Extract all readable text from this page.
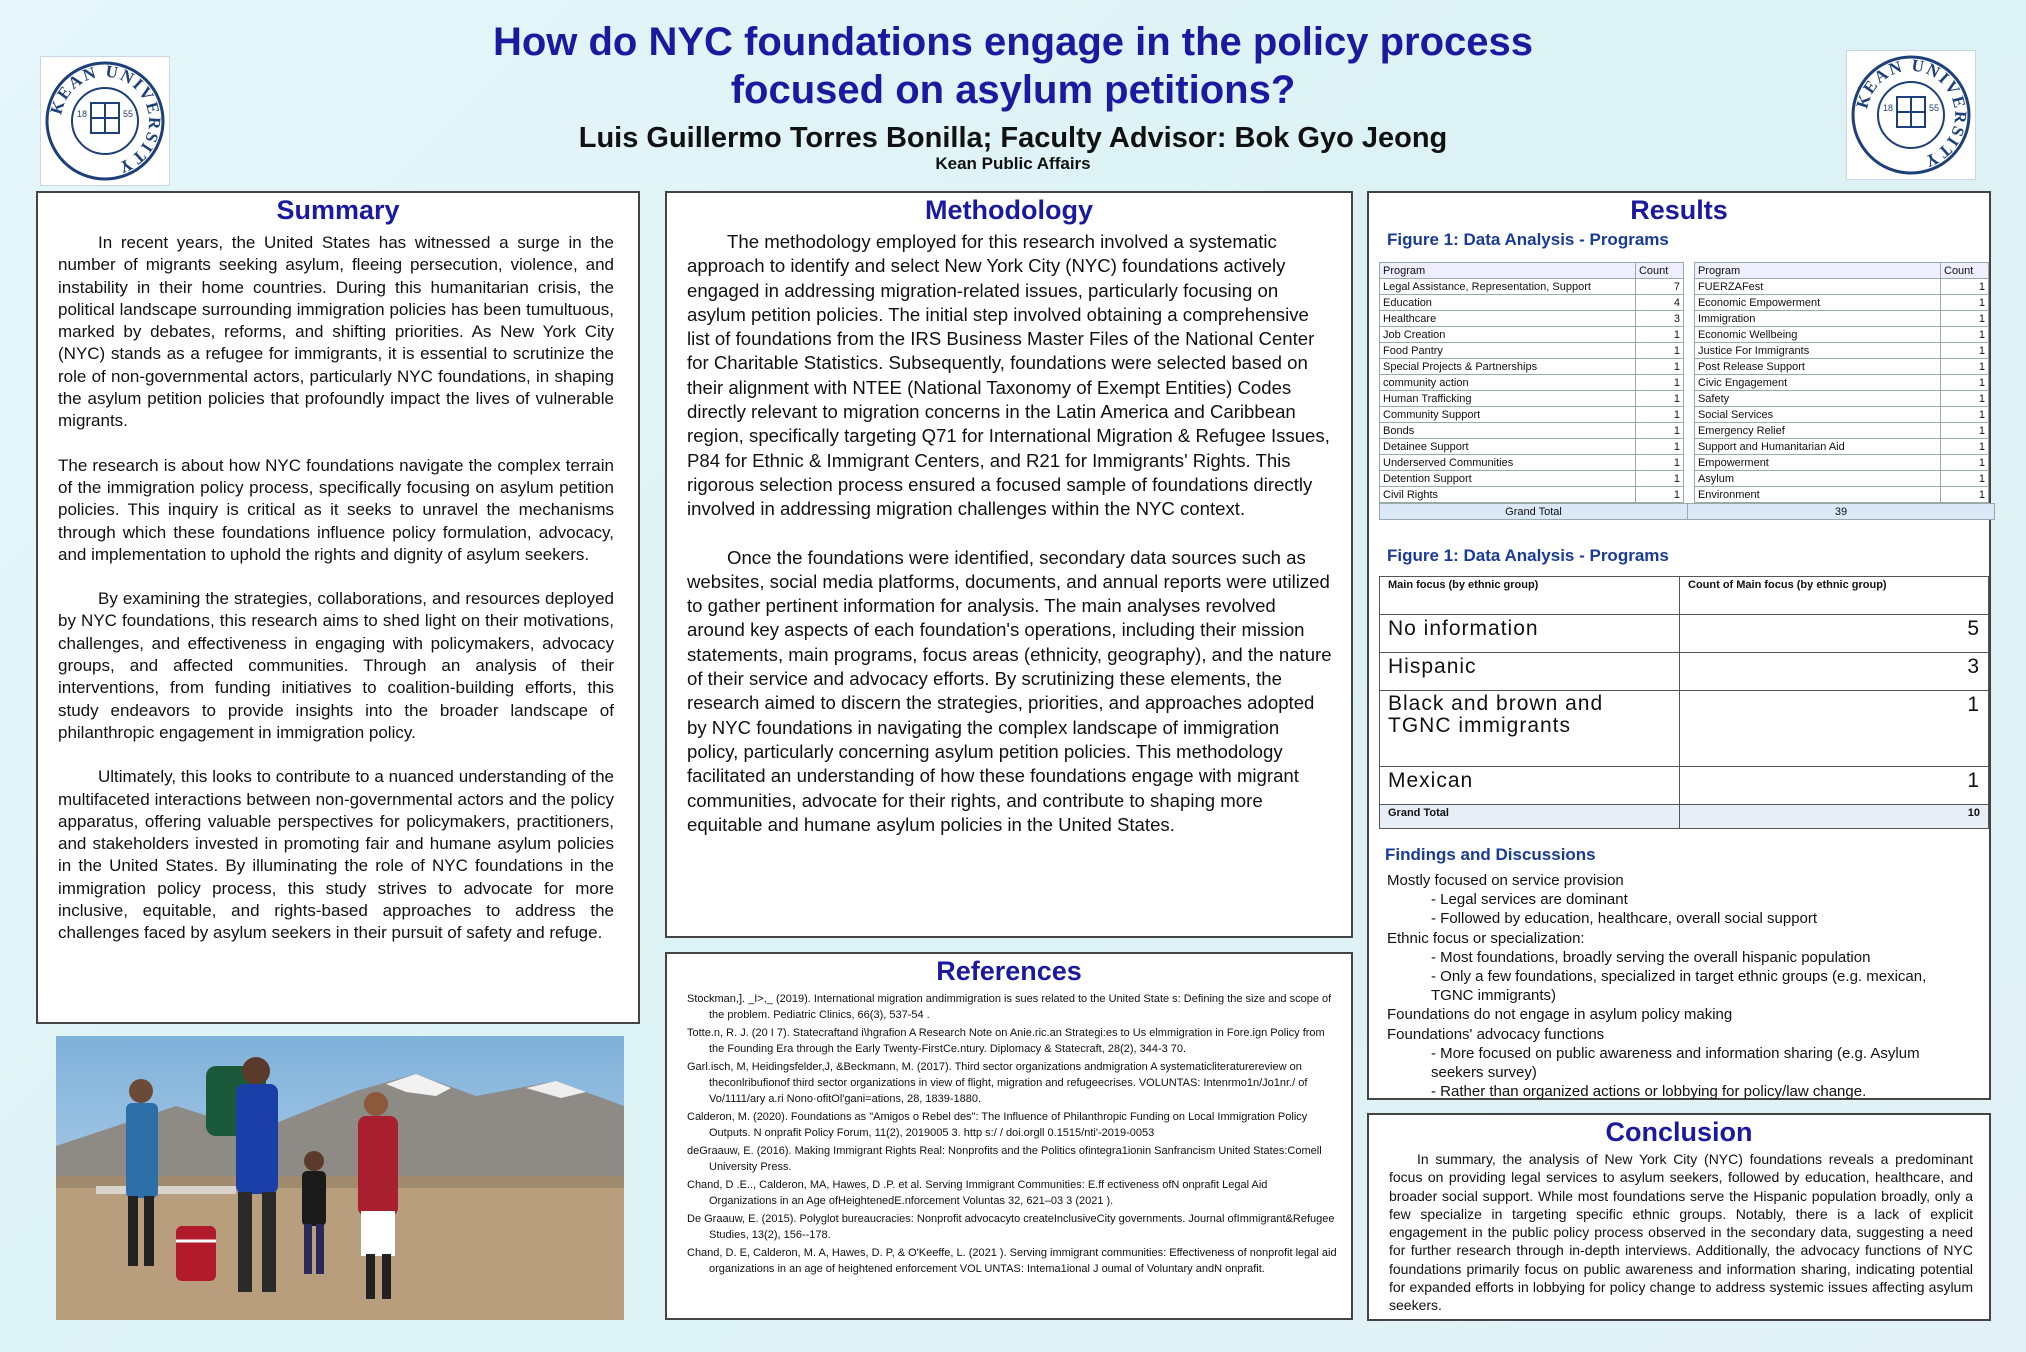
How do NYC foundations engage in the policy process
focused on asylum petitions?
Luis Guillermo Torres Bonilla; Faculty Advisor: Bok Gyo Jeong
Kean Public Affairs
KEAN UNIVERSITY
18	55
KEAN UNIVERSITY
18	55
Summary

In recent years, the United States has witnessed a surge in the number of migrants seeking asylum, fleeing persecution, violence, and instability in their home countries. During this humanitarian crisis, the political landscape surrounding immigration policies has been tumultuous, marked by debates, reforms, and shifting priorities. As New York City (NYC) stands as a refugee for immigrants, it is essential to scrutinize the role of non-governmental actors, particularly NYC foundations, in shaping the asylum petition policies that profoundly impact the lives of vulnerable migrants.

The research is about how NYC foundations navigate the complex terrain of the immigration policy process, specifically focusing on asylum petition policies. This inquiry is critical as it seeks to unravel the mechanisms through which these foundations influence policy formulation, advocacy, and implementation to uphold the rights and dignity of asylum seekers.

By examining the strategies, collaborations, and resources deployed by NYC foundations, this research aims to shed light on their motivations, challenges, and effectiveness in engaging with policymakers, advocacy groups, and affected communities. Through an analysis of their interventions, from funding initiatives to coalition-building efforts, this study endeavors to provide insights into the broader landscape of philanthropic engagement in immigration policy.

Ultimately, this looks to contribute to a nuanced understanding of the multifaceted interactions between non-governmental actors and the policy apparatus, offering valuable perspectives for policymakers, practitioners, and stakeholders invested in promoting fair and humane asylum policies in the United States. By illuminating the role of NYC foundations in the immigration policy process, this study strives to advocate for more inclusive, equitable, and rights-based approaches to address the challenges faced by asylum seekers in their pursuit of safety and refuge.

Methodology

The methodology employed for this research involved a systematic approach to identify and select New York City (NYC) foundations actively engaged in addressing migration-related issues, particularly focusing on asylum petition policies. The initial step involved obtaining a comprehensive list of foundations from the IRS Business Master Files of the National Center for Charitable Statistics. Subsequently, foundations were selected based on their alignment with NTEE (National Taxonomy of Exempt Entities) Codes directly relevant to migration concerns in the Latin America and Caribbean region, specifically targeting Q71 for International Migration & Refugee Issues, P84 for Ethnic & Immigrant Centers, and R21 for Immigrants' Rights. This rigorous selection process ensured a focused sample of foundations directly involved in addressing migration challenges within the NYC context.

Once the foundations were identified, secondary data sources such as websites, social media platforms, documents, and annual reports were utilized to gather pertinent information for analysis. The main analyses revolved around key aspects of each foundation's operations, including their mission statements, main programs, focus areas (ethnicity, geography), and the nature of their service and advocacy efforts. By scrutinizing these elements, the research aimed to discern the strategies, priorities, and approaches adopted by NYC foundations in navigating the complex landscape of immigration policy, particularly concerning asylum petition policies. This methodology facilitated an understanding of how these foundations engage with migrant communities, advocate for their rights, and contribute to shaping more equitable and humane asylum policies in the United States.

References
Stockman,]. _I>,_ (2019). International migration andimmigration is sues related to the United State s: Defining the size and scope of the problem. Pediatric Clinics, 66(3), 537-54 .
Totte.n, R. J. (20 I 7). Statecraftand i\hgrafion A Research Note on Anie.ric.an Strategi:es to Us elmmigration in Fore.ign Policy from the Founding Era through the Early Twenty-FirstCe.ntury. Diplomacy & Statecraft, 28(2), 344-3 70.
Garl.isch, M, Heidingsfelder,J, &Beckmann, M. (2017). Third sector organizations andmigration A systematicliteraturereview on theconlribufionof third sector organizations in view of flight, migration and refugeecrises. VOLUNTAS: Intenrmo1n/Jo1nr./ of Vo/1111/ary a.ri Nono·ofitOl'gani=ations, 28, 1839-1880.
Calderon, M. (2020). Foundations as "Amigos o Rebel des": The Influence of Philanthropic Funding on Local Immigration Policy Outputs. N onprafit Policy Forum, 11(2), 2019005 3. http s:/ / doi.orgll 0.1515/nti'-2019-0053
deGraauw, E. (2016). Making Immigrant Rights Real: Nonprofits and the Politics ofintegra1ionin Sanfrancism United States:Comell University Press.
Chand, D .E.., Calderon, MA, Hawes, D .P. et al. Serving Immigrant Communities: E.ff ectiveness ofN onprafit Legal Aid Organizations in an Age ofHeightenedE.nforcement Voluntas 32, 621–03 3 (2021 ).
De Graauw, E. (2015). Polyglot bureaucracies: Nonprofit advocacyto createInclusiveCity governments. Journal ofImmigrant&Refugee Studies, 13(2), 156--178.
Chand, D. E, Calderon, M. A, Hawes, D. P, & O'Keeffe, L. (2021 ). Serving immigrant communities: Effectiveness of nonprofit legal aid organizations in an age of heightened enforcement VOL UNTAS: Intema1ional J oumal of Voluntary andN onprafit.
Results
Figure 1: Data Analysis - Programs
Program	Count
Legal Assistance, Representation, Support	7
Education	4
Healthcare	3
Job Creation	1
Food Pantry	1
Special Projects & Partnerships	1
community action	1
Human Trafficking	1
Community Support	1
Bonds	1
Detainee Support	1
Underserved Communities	1
Detention Support	1
Civil Rights	1
Program	Count
FUERZAFest	1
Economic Empowerment	1
Immigration	1
Economic Wellbeing	1
Justice For Immigrants	1
Post Release Support	1
Civic Engagement	1
Safety	1
Social Services	1
Emergency Relief	1
Support and Humanitarian Aid	1
Empowerment	1
Asylum	1
Environment	1
Grand Total	39
Figure 1: Data Analysis - Programs
Main focus (by ethnic group)	Count of Main focus (by ethnic group)
No information	5
Hispanic	3
Black and brown and TGNC immigrants	1
Mexican	1
Grand Total	10
Findings and Discussions
Mostly focused on service provision
- Legal services are dominant
- Followed by education, healthcare, overall social support
Ethnic focus or specialization:
- Most foundations, broadly serving the overall hispanic population
- Only a few foundations, specialized in target ethnic groups (e.g. mexican, TGNC immigrants)
Foundations do not engage in asylum policy making
Foundations' advocacy functions
- More focused on public awareness and information sharing (e.g. Asylum seekers survey)
- Rather than organized actions or lobbying for policy/law change.
Conclusion

In summary, the analysis of New York City (NYC) foundations reveals a predominant focus on providing legal services to asylum seekers, followed by education, healthcare, and broader social support. While most foundations serve the Hispanic population broadly, only a few specialize in targeting specific ethnic groups. Notably, there is a lack of explicit engagement in the public policy process observed in the secondary data, suggesting a need for further research through in-depth interviews. Additionally, the advocacy functions of NYC foundations primarily focus on public awareness and information sharing, indicating potential for expanded efforts in lobbying for policy change to address systemic issues affecting asylum seekers.
